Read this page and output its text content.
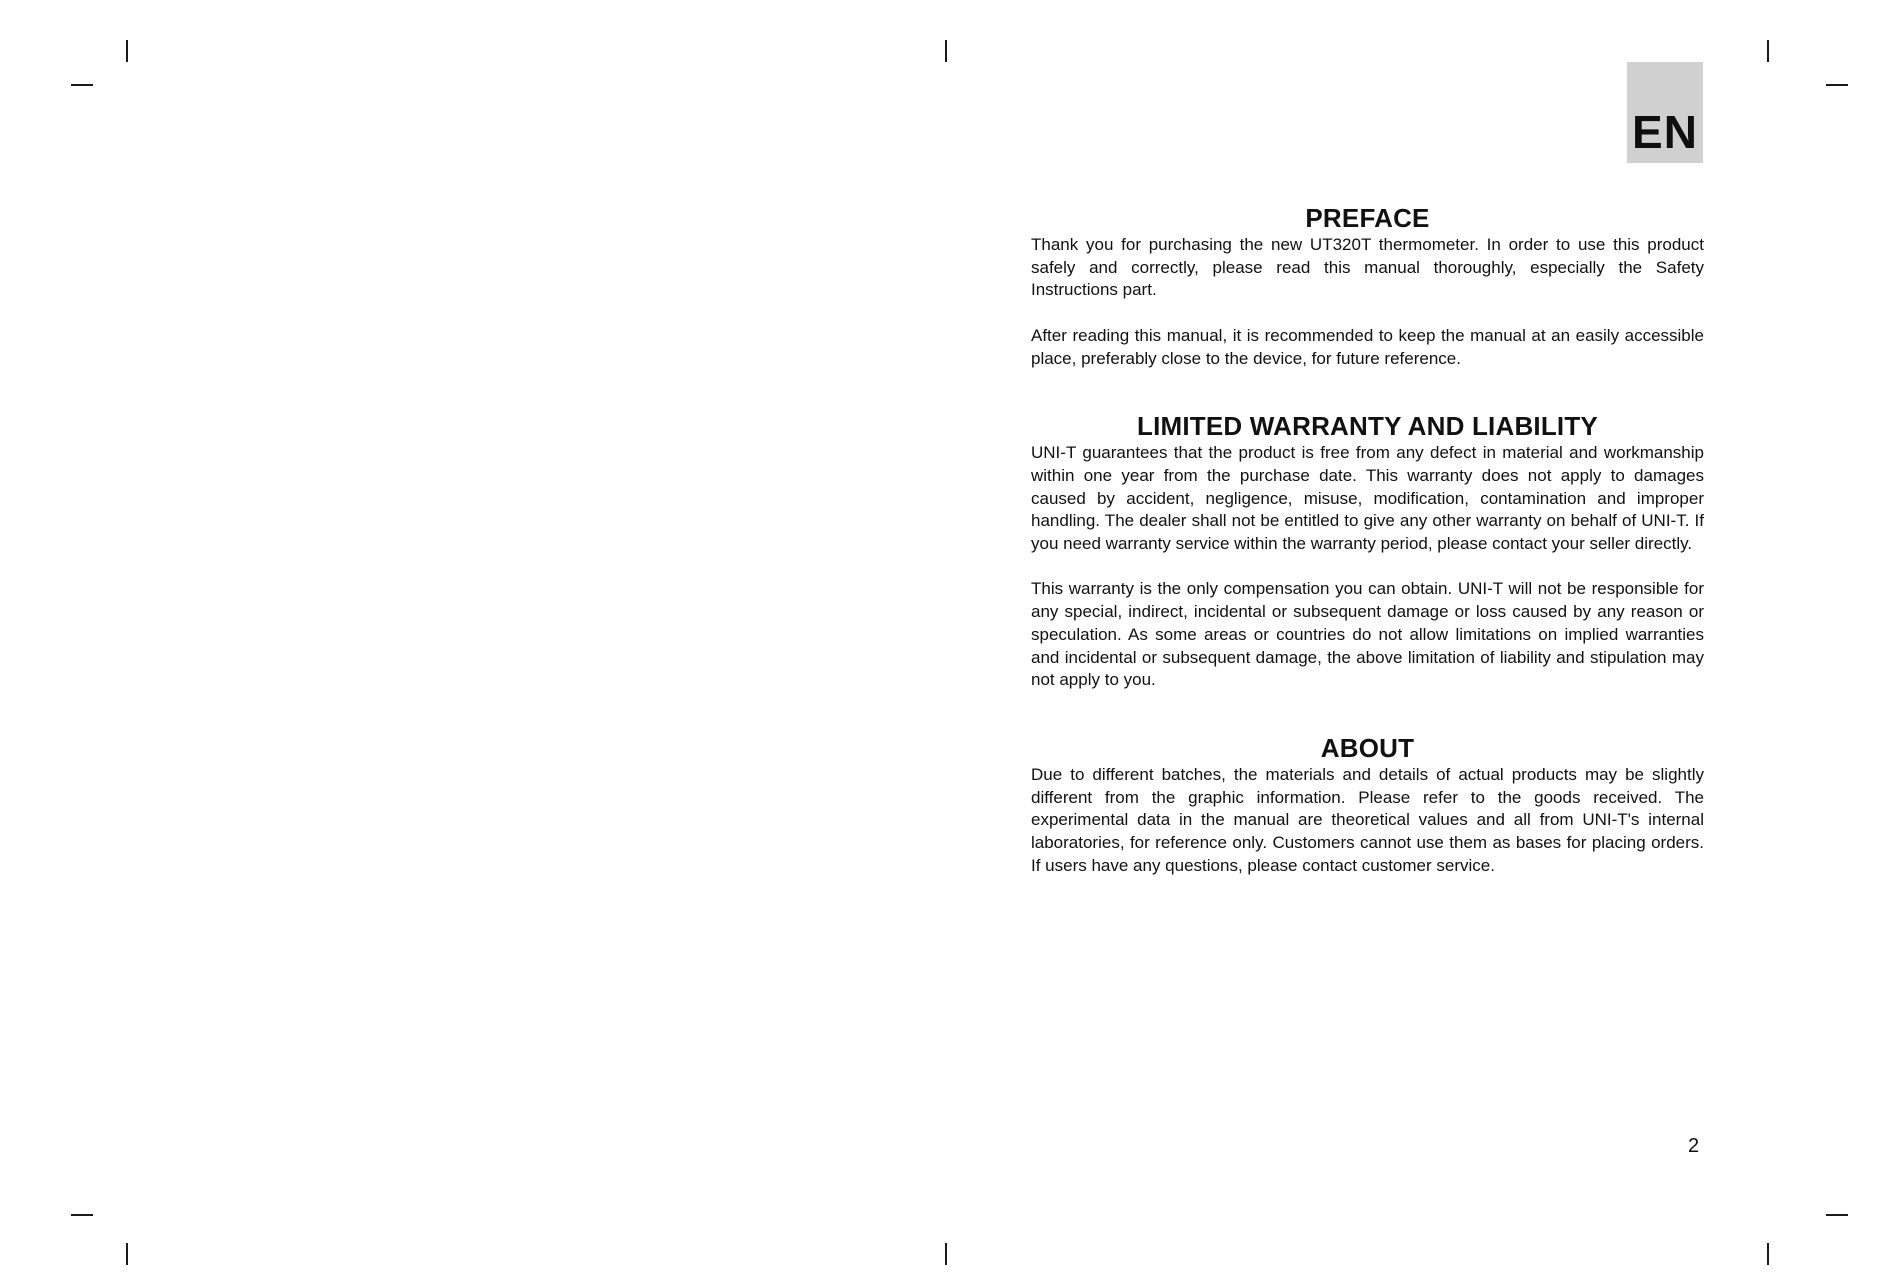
EN
PREFACE

Thank you for purchasing the new UT320T thermometer. In order to use this product safely and correctly, please read this manual thoroughly, especially the Safety Instructions part.

After reading this manual, it is recommended to keep the manual at an easily accessible place, preferably close to the device, for future reference.

LIMITED WARRANTY AND LIABILITY

UNI-T guarantees that the product is free from any defect in material and workmanship within one year from the purchase date. This warranty does not apply to damages caused by accident, negligence, misuse, modification, contamination and improper handling. The dealer shall not be entitled to give any other warranty on behalf of UNI-T. If you need warranty service within the warranty period, please contact your seller directly.

This warranty is the only compensation you can obtain. UNI-T will not be responsible for any special, indirect, incidental or subsequent damage or loss caused by any reason or speculation. As some areas or countries do not allow limitations on implied warranties and incidental or subsequent damage, the above limitation of liability and stipulation may not apply to you.

ABOUT

Due to different batches, the materials and details of actual products may be slightly different from the graphic information. Please refer to the goods received. The experimental data in the manual are theoretical values and all from UNI-T's internal laboratories, for reference only. Customers cannot use them as bases for placing orders. If users have any questions, please contact customer service.

2
